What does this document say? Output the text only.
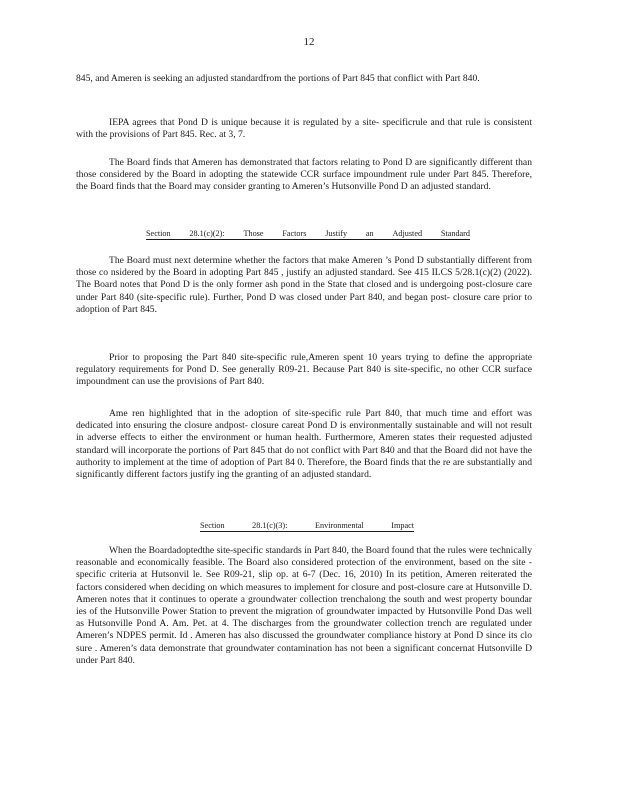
12

845, and Ameren is seeking an adjusted standardfrom the portions of Part 845 that conflict with Part 840.

IEPA agrees that Pond D is unique because it is regulated by a site- specificrule and that rule is consistent with the provisions of Part 845. Rec. at 3, 7.

The Board finds that Ameren has demonstrated that factors relating to Pond D are significantly different than those considered by the Board in adopting the statewide CCR surface impoundment rule under Part 845. Therefore, the Board finds that the Board may consider granting to Ameren’s Hutsonville Pond D an adjusted standard.

Section 28.1(c)(2): Those Factors Justify an Adjusted Standard

The Board must next determine whether the factors that make Ameren ’s Pond D substantially different from those co nsidered by the Board in adopting Part 845 , justify an adjusted standard. See 415 ILCS 5/28.1(c)(2) (2022). The Board notes that Pond D is the only former ash pond in the State that closed and is undergoing post-closure care under Part 840 (site-specific rule). Further, Pond D was closed under Part 840, and began post- closure care prior to adoption of Part 845.

Prior to proposing the Part 840 site-specific rule,Ameren spent 10 years trying to define the appropriate regulatory requirements for Pond D. See generally R09-21. Because Part 840 is site-specific, no other CCR surface impoundment can use the provisions of Part 840.

Ame ren highlighted that in the adoption of site-specific rule Part 840, that much time and effort was dedicated into ensuring the closure andpost- closure careat Pond D is environmentally sustainable and will not result in adverse effects to either the environment or human health. Furthermore, Ameren states their requested adjusted standard will incorporate the portions of Part 845 that do not conflict with Part 840 and that the Board did not have the authority to implement at the time of adoption of Part 84 0. Therefore, the Board finds that the re are substantially and significantly different factors justify ing the granting of an adjusted standard.

Section	28.1(c)(3):	Environmental	Impact

When the Boardadoptedthe site-specific standards in Part 840, the Board found that the rules were technically reasonable and economically feasible. The Board also considered protection of the environment, based on the site -specific criteria at Hutsonvil le. See R09-21, slip op. at 6-7 (Dec. 16, 2010) In its petition, Ameren reiterated the factors considered when deciding on which measures to implement for closure and post-closure care at Hutsonville D. Ameren notes that it continues to operate a groundwater collection trenchalong the south and west property boundar ies of the Hutsonville Power Station to prevent the migration of groundwater impacted by Hutsonville Pond Das well as Hutsonville Pond A. Am. Pet. at 4. The discharges from the groundwater collection trench are regulated under Ameren’s NDPES permit. Id . Ameren has also discussed the groundwater compliance history at Pond D since its clo sure . Ameren’s data demonstrate that groundwater contamination has not been a significant concernat Hutsonville D under Part 840.
